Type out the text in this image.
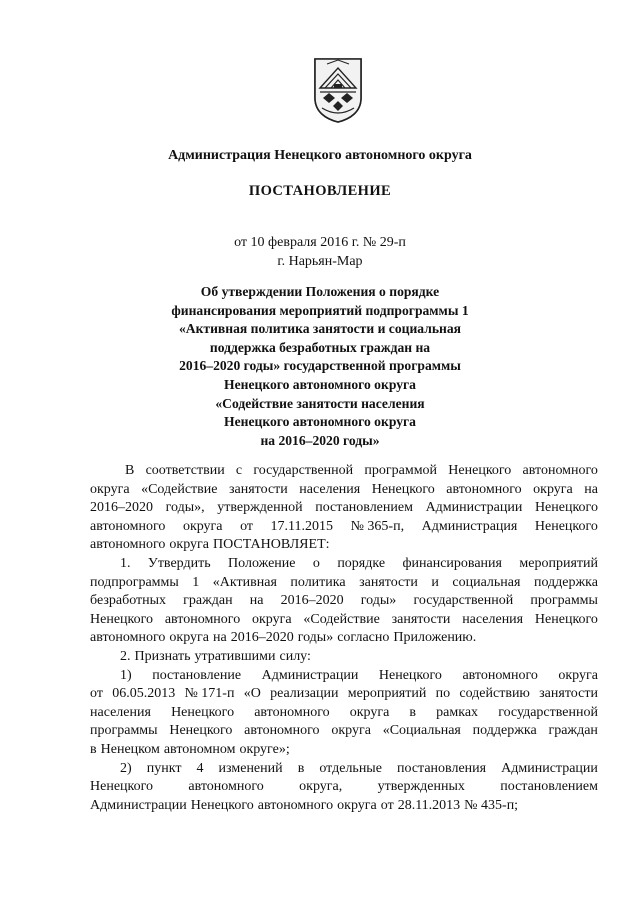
Администрация Ненецкого автономного округа
ПОСТАНОВЛЕНИЕ
от 10 февраля 2016 г. № 29-п
г. Нарьян-Мар
Об утверждении Положения о порядке
финансирования мероприятий подпрограммы 1
«Активная политика занятости и социальная
поддержка безработных граждан на
2016–2020 годы» государственной программы
Ненецкого автономного округа
«Содействие занятости населения
Ненецкого автономного округа
на 2016–2020 годы»
В соответствии с государственной программой Ненецкого автономного
округа «Содействие занятости населения Ненецкого автономного округа на
2016–2020 годы», утвержденной постановлением Администрации Ненецкого
автономного округа от 17.11.2015 № 365-п, Администрация Ненецкого
автономного округа ПОСТАНОВЛЯЕТ:
1. Утвердить Положение о порядке финансирования мероприятий
подпрограммы 1 «Активная политика занятости и социальная поддержка
безработных граждан на 2016–2020 годы» государственной программы
Ненецкого автономного округа «Содействие занятости населения Ненецкого
автономного округа на 2016–2020 годы» согласно Приложению.
2. Признать утратившими силу:
1) постановление Администрации Ненецкого автономного округа
от 06.05.2013 № 171-п «О реализации мероприятий по содействию занятости
населения Ненецкого автономного округа в рамках государственной
программы Ненецкого автономного округа «Социальная поддержка граждан
в Ненецком автономном округе»;
2) пункт 4 изменений в отдельные постановления Администрации
Ненецкого	автономного	округа,	утвержденных	постановлением
Администрации Ненецкого автономного округа от 28.11.2013 № 435-п;
